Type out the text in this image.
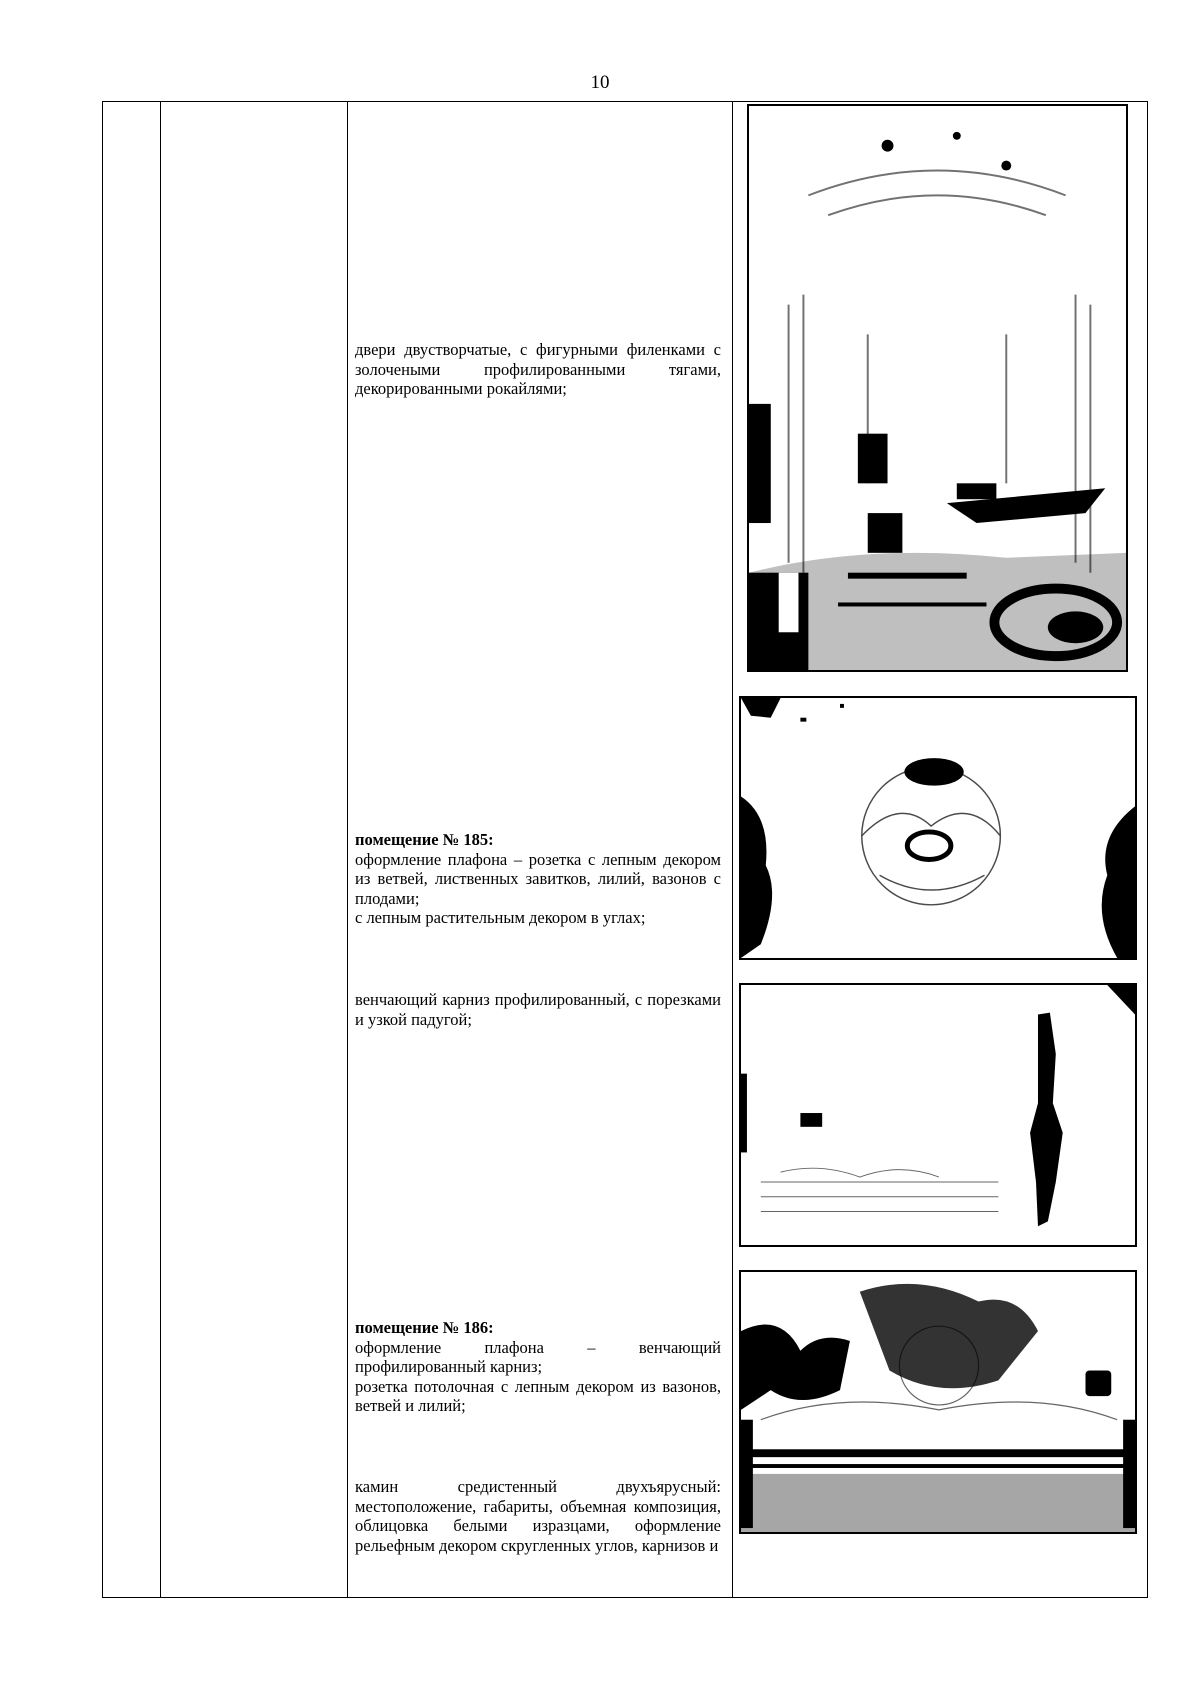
10
двери двустворчатые, с фигурными филенками с золочеными профилированными тягами, декорированными рокайлями;
помещение № 185:
оформление плафона – розетка с лепным декором из ветвей, лиственных завитков, лилий, вазонов с плодами;
с лепным растительным декором в углах;
венчающий карниз профилированный, с порезками и узкой падугой;
помещение № 186:
оформление плафона – венчающий профилированный карниз;
розетка потолочная с лепным декором из вазонов, ветвей и лилий;
камин средистенный двухъярусный: местоположение, габариты, объемная композиция, облицовка белыми изразцами, оформление рельефным декором скругленных углов, карнизов и
